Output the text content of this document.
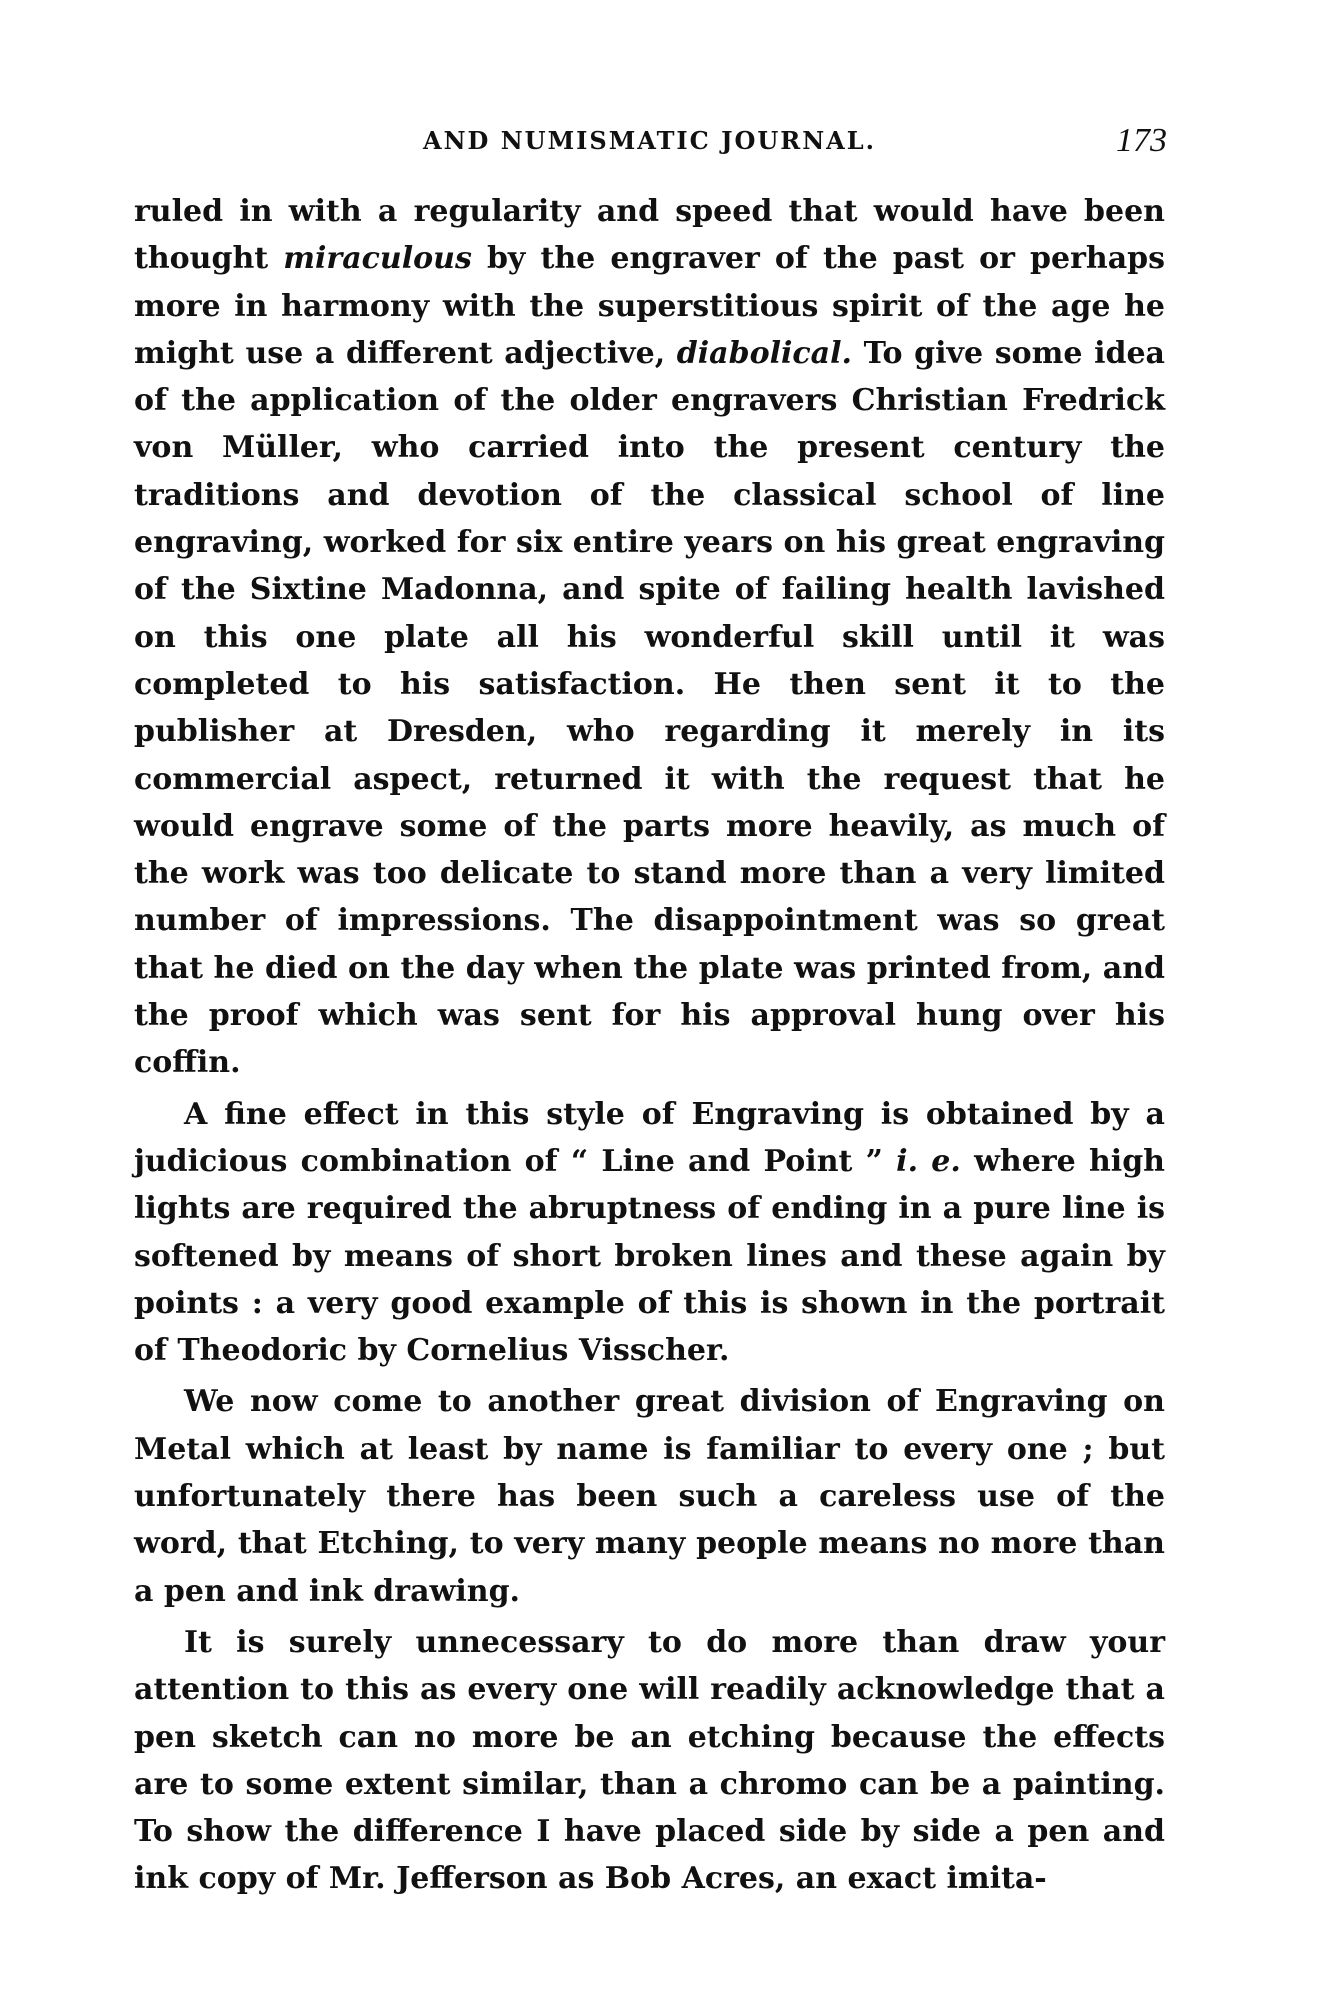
AND NUMISMATIC JOURNAL.	173

ruled in with a regularity and speed that would have been thought miraculous by the engraver of the past or perhaps more in harmony with the superstitious spirit of the age he might use a different adjective, diabolical. To give some idea of the application of the older engravers Christian Fredrick von Müller, who carried into the present century the traditions and devotion of the classical school of line engraving, worked for six entire years on his great engraving of the Sixtine Madonna, and spite of failing health lavished on this one plate all his wonderful skill until it was completed to his satisfaction. He then sent it to the publisher at Dresden, who regarding it merely in its commercial aspect, returned it with the request that he would engrave some of the parts more heavily, as much of the work was too delicate to stand more than a very limited number of impressions. The disappointment was so great that he died on the day when the plate was printed from, and the proof which was sent for his approval hung over his coffin.

A fine effect in this style of Engraving is obtained by a judicious combination of “ Line and Point ” i. e. where high lights are required the abruptness of ending in a pure line is softened by means of short broken lines and these again by points : a very good example of this is shown in the portrait of Theodoric by Cornelius Visscher.

We now come to another great division of Engraving on Metal which at least by name is familiar to every one ; but unfortunately there has been such a careless use of the word, that Etching, to very many people means no more than a pen and ink drawing.

It is surely unnecessary to do more than draw your attention to this as every one will readily acknowledge that a pen sketch can no more be an etching because the effects are to some extent similar, than a chromo can be a painting. To show the difference I have placed side by side a pen and ink copy of Mr. Jefferson as Bob Acres, an exact imita-
